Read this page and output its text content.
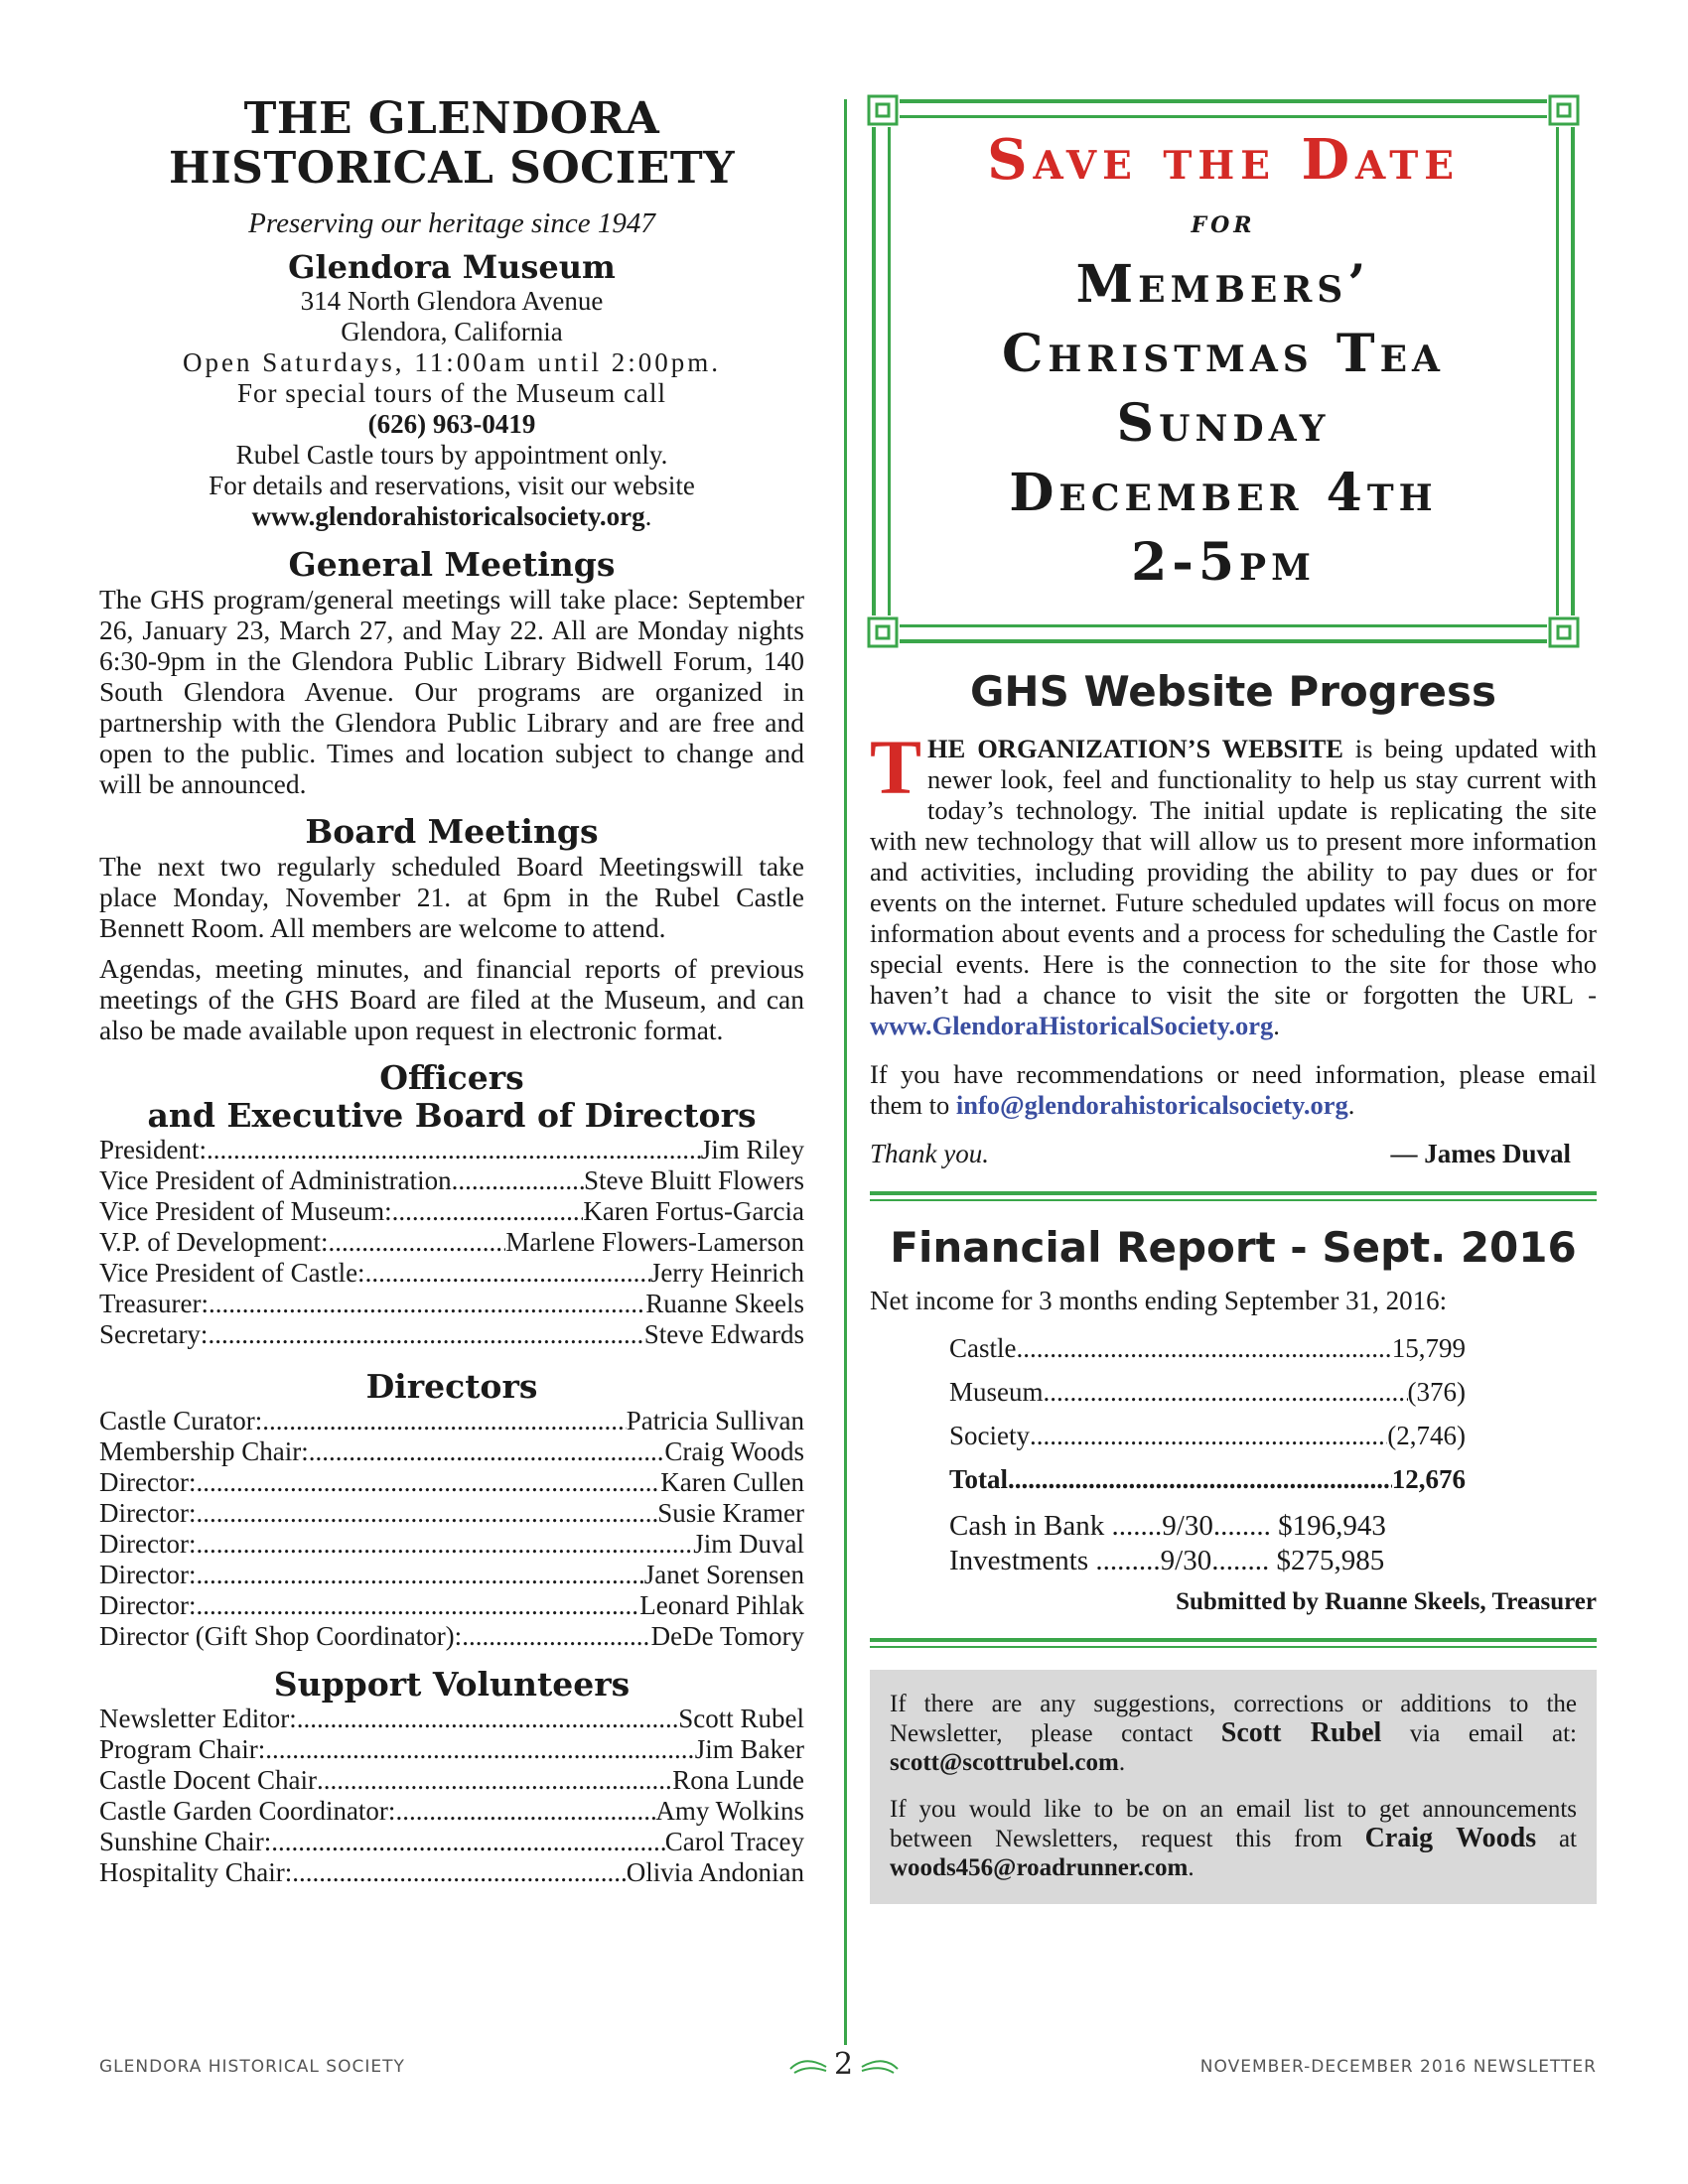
THE GLENDORA
HISTORICAL SOCIETY
Preserving our heritage since 1947
Glendora Museum
314 North Glendora Avenue
Glendora, California
Open Saturdays, 11:00am until 2:00pm.
For special tours of the Museum call
(626) 963-0419
Rubel Castle tours by appointment only.
For details and reservations, visit our website
www.glendorahistoricalsociety.org.
General Meetings

The GHS program/general meetings will take place: September 26, January 23, March 27, and May 22. All are Monday nights 6:30-9pm in the Glendora Public Library Bidwell Forum, 140 South Glendora Avenue. Our programs are organized in partnership with the Glendora Public Library and are free and open to the public. Times and location subject to change and will be announced.

Board Meetings

The next two regularly scheduled Board Meetingswill take place Monday, November 21. at 6pm in the Rubel Castle Bennett Room. All members are welcome to attend.

Agendas, meeting minutes, and financial reports of previous meetings of the GHS Board are filed at the Museum, and can also be made available upon request in electronic format.

Officers
and Executive Board of Directors
President: .....	Jim Riley
Vice President of Administration .....	Steve Bluitt Flowers
Vice President of Museum: .....	Karen Fortus-Garcia
V.P. of Development: .....	Marlene Flowers-Lamerson
Vice President of Castle: .....	Jerry Heinrich
Treasurer: .....	Ruanne Skeels
Secretary: .....	Steve Edwards
Directors
Castle Curator: .....	Patricia Sullivan
Membership Chair: .....	Craig Woods
Director: .....	Karen Cullen
Director: .....	Susie Kramer
Director: .....	Jim Duval
Director: .....	Janet Sorensen
Director: .....	Leonard Pihlak
Director (Gift Shop Coordinator): .....	DeDe Tomory
Support Volunteers
Newsletter Editor: .....	Scott Rubel
Program Chair: .....	Jim Baker
Castle Docent Chair .....	Rona Lunde
Castle Garden Coordinator: .....	Amy Wolkins
Sunshine Chair: .....	Carol Tracey
Hospitality Chair: .....	Olivia Andonian
Save the Date
for
Members’
Christmas Tea
Sunday
December 4th
2-5pm
GHS Website Progress

THE ORGANIZATION’S WEBSITE is being updated with newer look, feel and functionality to help us stay current with today’s technology. The initial update is replicating the site with new technology that will allow us to present more information and activities, including providing the ability to pay dues or for events on the internet. Future scheduled updates will focus on more information about events and a process for scheduling the Castle for special events. Here is the connection to the site for those who haven’t had a chance to visit the site or forgotten the URL - www.GlendoraHistoricalSociety.org.

If you have recommendations or need information, please email them to info@glendorahistoricalsociety.org.

Thank you.	— James Duval
Financial Report - Sept. 2016
Net income for 3 months ending September 31, 2016:
Castle .....	15,799
Museum .....	(376)
Society .....	(2,746)
Total .....	12,676
Cash in Bank .......9/30........ $196,943
Investments .........9/30........ $275,985
Submitted by Ruanne Skeels, Treasurer

If there are any suggestions, corrections or additions to the Newsletter, please contact Scott Rubel via email at: scott@scottrubel.com.

If you would like to be on an email list to get announcements between Newsletters, request this from Craig Woods at woods456@roadrunner.com.

GLENDORA HISTORICAL SOCIETY	2	NOVEMBER-DECEMBER 2016 NEWSLETTER
